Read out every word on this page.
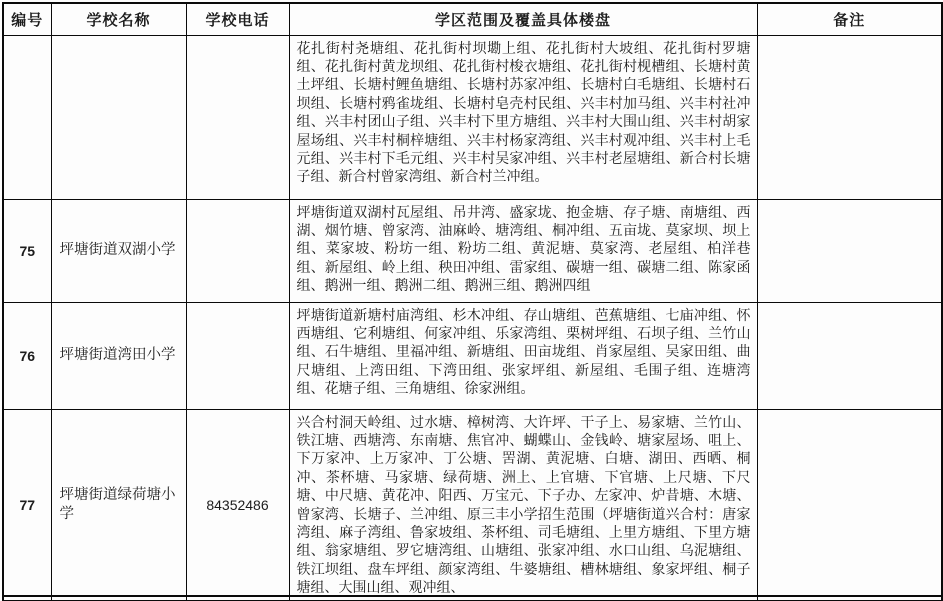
编号	学校名称	学校电话	学区范围及覆盖具体楼盘	备注
			花扎街村尧塘组、花扎街村坝墈上组、花扎街村大坡组、花扎街村罗塘组、花扎街村黄龙坝组、花扎街村梭衣塘组、花扎街村枧槽组、长塘村黄土坪组、长塘村鲤鱼塘组、长塘村苏家冲组、长塘村白毛塘组、长塘村石坝组、长塘村鸦雀垅组、长塘村皂壳村民组、兴丰村加马组、兴丰村社冲组、兴丰村团山子组、兴丰村下里方塘组、兴丰村大围山组、兴丰村胡家屋场组、兴丰村桐梓塘组、兴丰村杨家湾组、兴丰村观冲组、兴丰村上毛元组、兴丰村下毛元组、兴丰村吴家冲组、兴丰村老屋塘组、新合村长塘子组、新合村曾家湾组、新合村兰冲组。	
75	坪塘街道双湖小学		坪塘街道双湖村瓦屋组、吊井湾、盛家垅、抱金塘、存子塘、南塘组、西湖、烟竹塘、曾家湾、油麻岭、塘湾组、桐冲组、五亩垅、莫家坝、坝上组、菜家坡、粉坊一组、粉坊二组、黄泥塘、莫家湾、老屋组、柏洋巷组、新屋组、岭上组、秧田冲组、雷家组、碳塘一组、碳塘二组、陈家函组、鹅洲一组、鹅洲二组、鹅洲三组、鹅洲四组	
76	坪塘街道湾田小学		坪塘街道新塘村庙湾组、杉木冲组、存山塘组、芭蕉塘组、七庙冲组、怀西塘组、它利塘组、何家冲组、乐家湾组、栗树坪组、石坝子组、兰竹山组、石牛塘组、里福冲组、新塘组、田亩垅组、肖家屋组、吴家田组、曲尺塘组、上湾田组、下湾田组、张家坪组、新屋组、毛围子组、连塘湾组、花塘子组、三角塘组、徐家洲组。	
77	坪塘街道绿荷塘小学	84352486	兴合村洞天岭组、过水塘、樟树湾、大许坪、干子上、易家塘、兰竹山、铁江塘、西塘湾、东南塘、焦官冲、蝴蝶山、金钱岭、塘家屋场、咀上、下万家冲、上万家冲、丁公塘、罟湖、黄泥塘、白塘、湖田、西晒、桐冲、茶杯塘、马家塘、绿荷塘、洲上、上官塘、下官塘、上尺塘、下尺塘、中尺塘、黄花冲、阳西、万宝元、下子办、左家冲、炉昔塘、木塘、曾家湾、长塘子、兰冲组、原三丰小学招生范围（坪塘街道兴合村：唐家湾组、麻子湾组、鲁家坡组、茶杯组、司毛塘组、上里方塘组、下里方塘组、翁家塘组、罗它塘湾组、山塘组、张家冲组、水口山组、乌泥塘组、铁江坝组、盘车坪组、颜家湾组、牛婆塘组、槽林塘组、象家坪组、桐子塘组、大围山组、观冲组、	
